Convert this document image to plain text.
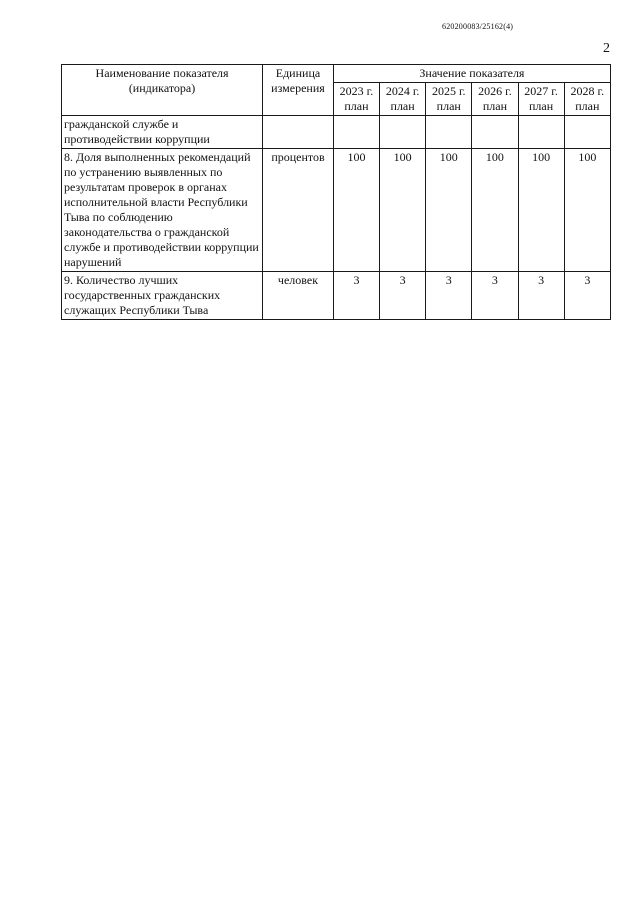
620200083/25162(4)
2
Наименование показателя (индикатора)	Единица измерения	Значение показателя					
		2023 г. план	2024 г. план	2025 г. план	2026 г. план	2027 г. план	2028 г. план
гражданской службе и противодействии коррупции							
8. Доля выполненных рекомендаций по устранению выявленных по результатам проверок в органах исполнительной власти Республики Тыва по соблюдению законодательства о гражданской службе и противодействии коррупции нарушений	процентов	100	100	100	100	100	100
9. Количество лучших государственных гражданских служащих Республики Тыва	человек	3	3	3	3	3	3
